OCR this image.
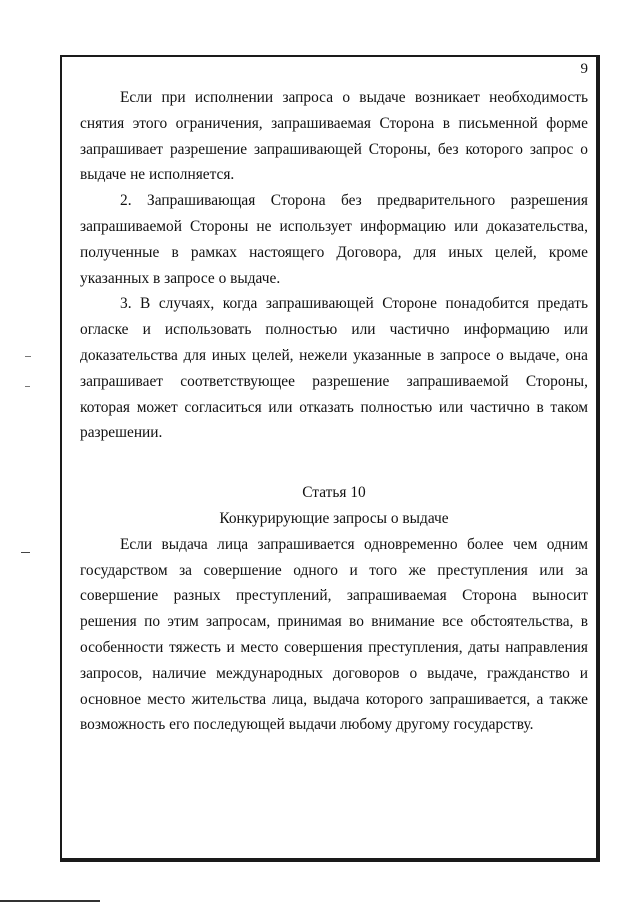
9

Если при исполнении запроса о выдаче возникает необходимость снятия этого ограничения, запрашиваемая Сторона в письменной форме запрашивает разрешение запрашивающей Стороны, без которого запрос о выдаче не исполняется.

2. Запрашивающая Сторона без предварительного разрешения запрашиваемой Стороны не использует информацию или доказательства, полученные в рамках настоящего Договора, для иных целей, кроме указанных в запросе о выдаче.

3. В случаях, когда запрашивающей Стороне понадобится предать огласке и использовать полностью или частично информацию или доказательства для иных целей, нежели указанные в запросе о выдаче, она запрашивает соответствующее разрешение запрашиваемой Стороны, которая может согласиться или отказать полностью или частично в таком разрешении.

Статья 10

Конкурирующие запросы о выдаче

Если выдача лица запрашивается одновременно более чем одним государством за совершение одного и того же преступления или за совершение разных преступлений, запрашиваемая Сторона выносит решения по этим запросам, принимая во внимание все обстоятельства, в особенности тяжесть и место совершения преступления, даты направления запросов, наличие международных договоров о выдаче, гражданство и основное место жительства лица, выдача которого запрашивается, а также возможность его последующей выдачи любому другому государству.
